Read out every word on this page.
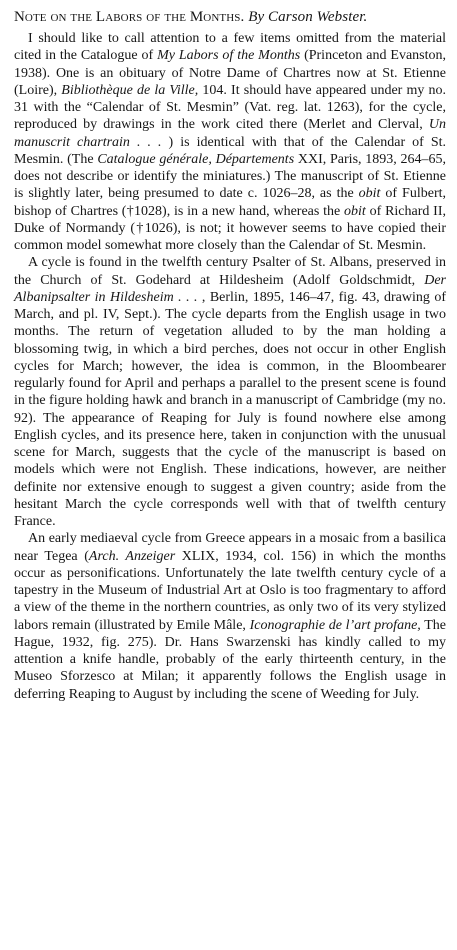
Note on the Labors of the Months. By Carson Webster.

I should like to call attention to a few items omitted from the material cited in the Catalogue of My Labors of the Months (Princeton and Evanston, 1938). One is an obituary of Notre Dame of Chartres now at St. Etienne (Loire), Bibliothèque de la Ville, 104. It should have appeared under my no. 31 with the “Calendar of St. Mesmin” (Vat. reg. lat. 1263), for the cycle, reproduced by drawings in the work cited there (Merlet and Clerval, Un manuscrit chartrain . . . ) is identical with that of the Calendar of St. Mesmin. (The Catalogue générale, Départements XXI, Paris, 1893, 264–65, does not describe or identify the miniatures.) The manuscript of St. Etienne is slightly later, being presumed to date c. 1026–28, as the obit of Fulbert, bishop of Chartres (†1028), is in a new hand, whereas the obit of Richard II, Duke of Normandy (†1026), is not; it however seems to have copied their common model somewhat more closely than the Calendar of St. Mesmin.

A cycle is found in the twelfth century Psalter of St. Albans, preserved in the Church of St. Godehard at Hildesheim (Adolf Goldschmidt, Der Albanipsalter in Hildesheim . . . , Berlin, 1895, 146–47, fig. 43, drawing of March, and pl. IV, Sept.). The cycle departs from the English usage in two months. The return of vegetation alluded to by the man holding a blossoming twig, in which a bird perches, does not occur in other English cycles for March; however, the idea is common, in the Bloombearer regularly found for April and perhaps a parallel to the present scene is found in the figure holding hawk and branch in a manuscript of Cambridge (my no. 92). The appearance of Reaping for July is found nowhere else among English cycles, and its presence here, taken in conjunction with the unusual scene for March, suggests that the cycle of the manuscript is based on models which were not English. These indications, however, are neither definite nor extensive enough to suggest a given country; aside from the hesitant March the cycle corresponds well with that of twelfth century France.

An early mediaeval cycle from Greece appears in a mosaic from a basilica near Tegea (Arch. Anzeiger XLIX, 1934, col. 156) in which the months occur as personifications. Unfortunately the late twelfth century cycle of a tapestry in the Museum of Industrial Art at Oslo is too fragmentary to afford a view of the theme in the northern countries, as only two of its very stylized labors remain (illustrated by Emile Mâle, Iconographie de l’art profane, The Hague, 1932, fig. 275). Dr. Hans Swarzenski has kindly called to my attention a knife handle, probably of the early thirteenth century, in the Museo Sforzesco at Milan; it apparently follows the English usage in deferring Reaping to August by including the scene of Weeding for July.
